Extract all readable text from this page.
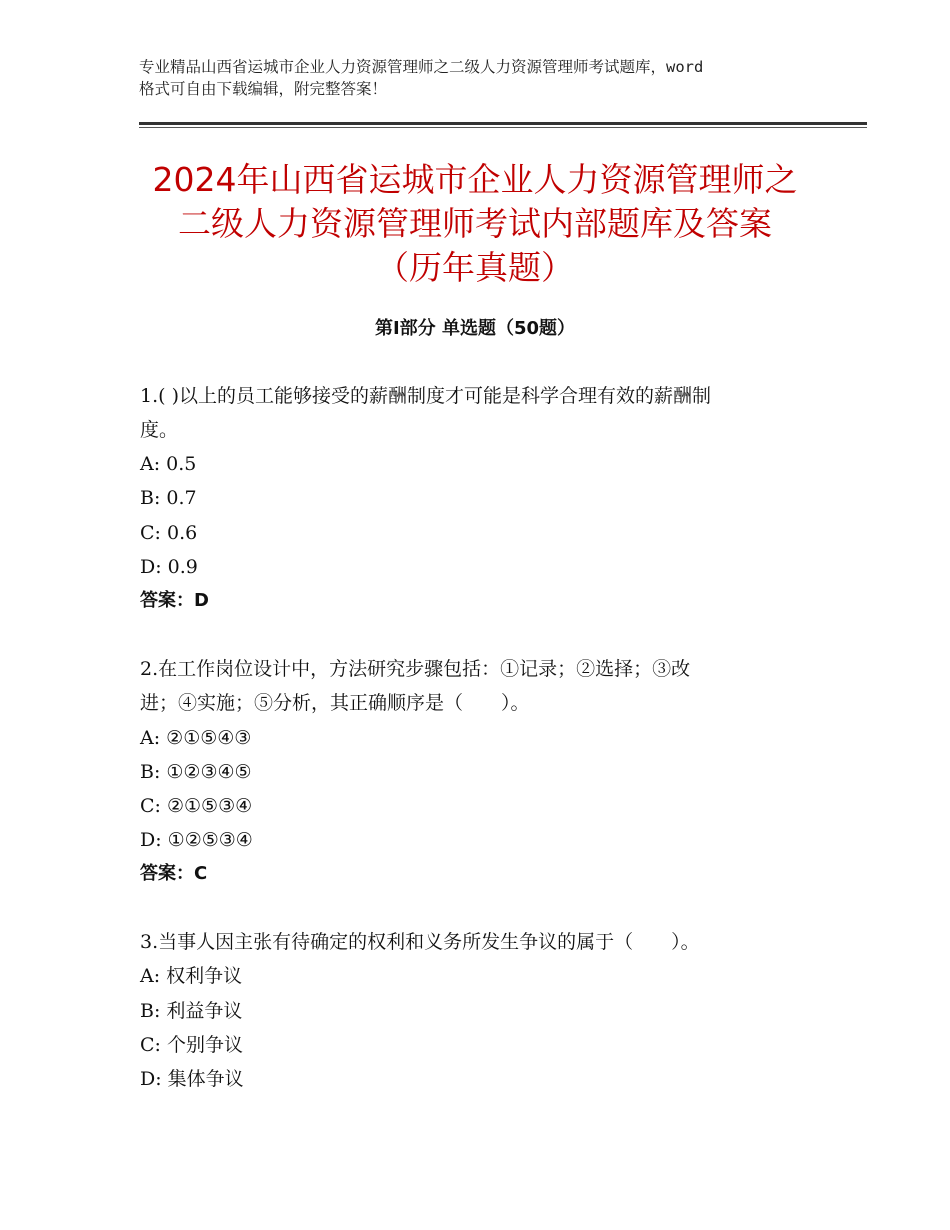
专业精品山西省运城市企业人力资源管理师之二级人力资源管理师考试题库，word
格式可自由下载编辑，附完整答案！
2024年山西省运城市企业人力资源管理师之
二级人力资源管理师考试内部题库及答案
（历年真题）
第Ⅰ部分 单选题（50题）
1.( )以上的员工能够接受的薪酬制度才可能是科学合理有效的薪酬制
度。
A: 0.5
B: 0.7
C: 0.6
D: 0.9
答案：D
2.在工作岗位设计中，方法研究步骤包括：①记录；②选择；③改
进；④实施；⑤分析，其正确顺序是（　　）。
A: ②①⑤④③
B: ①②③④⑤
C: ②①⑤③④
D: ①②⑤③④
答案：C
3.当事人因主张有待确定的权利和义务所发生争议的属于（　　）。
A: 权利争议
B: 利益争议
C: 个别争议
D: 集体争议
